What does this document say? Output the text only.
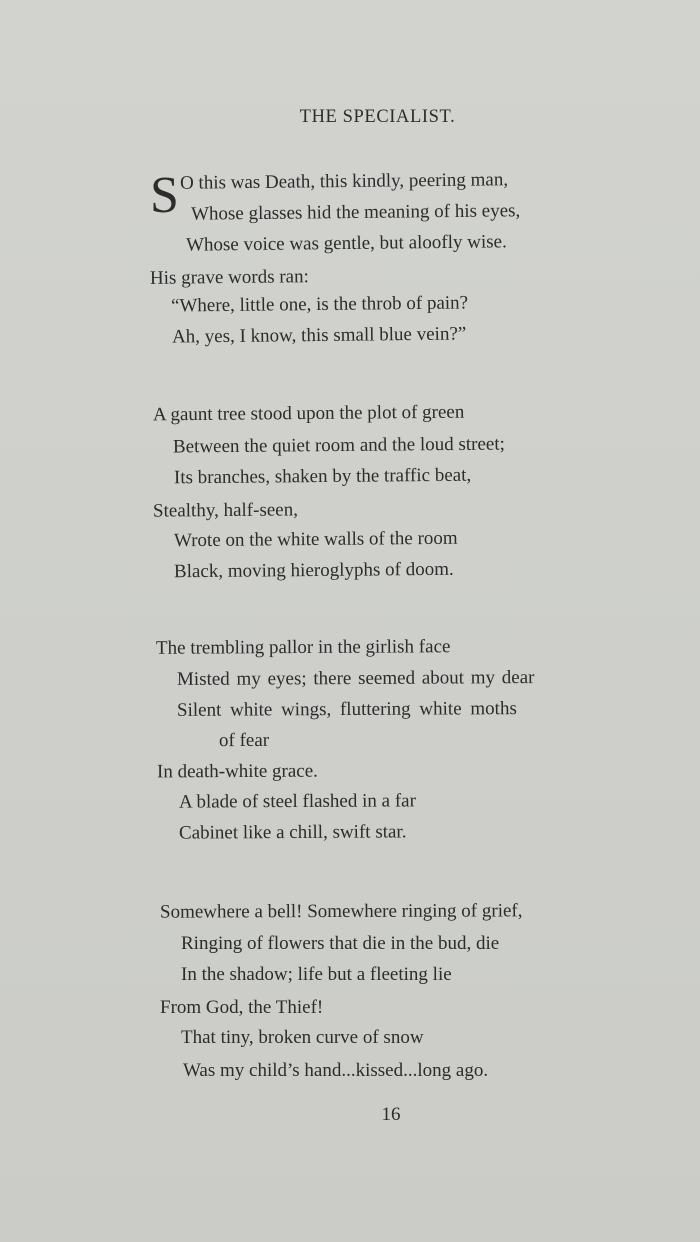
THE SPECIALIST.
S O this was Death, this kindly, peering man,
Whose glasses hid the meaning of his eyes,
Whose voice was gentle, but aloofly wise.
His grave words ran:
“Where, little one, is the throb of pain?
Ah, yes, I know, this small blue vein?”
A gaunt tree stood upon the plot of green
Between the quiet room and the loud street;
Its branches, shaken by the traffic beat,
Stealthy, half-seen,
Wrote on the white walls of the room
Black, moving hieroglyphs of doom.
The trembling pallor in the girlish face
Misted my eyes; there seemed about my dear
Silent white wings, fluttering white moths
of fear
In death-white grace.
A blade of steel flashed in a far
Cabinet like a chill, swift star.
Somewhere a bell! Somewhere ringing of grief,
Ringing of flowers that die in the bud, die
In the shadow; life but a fleeting lie
From God, the Thief!
That tiny, broken curve of snow
Was my child’s hand...kissed...long ago.
16
